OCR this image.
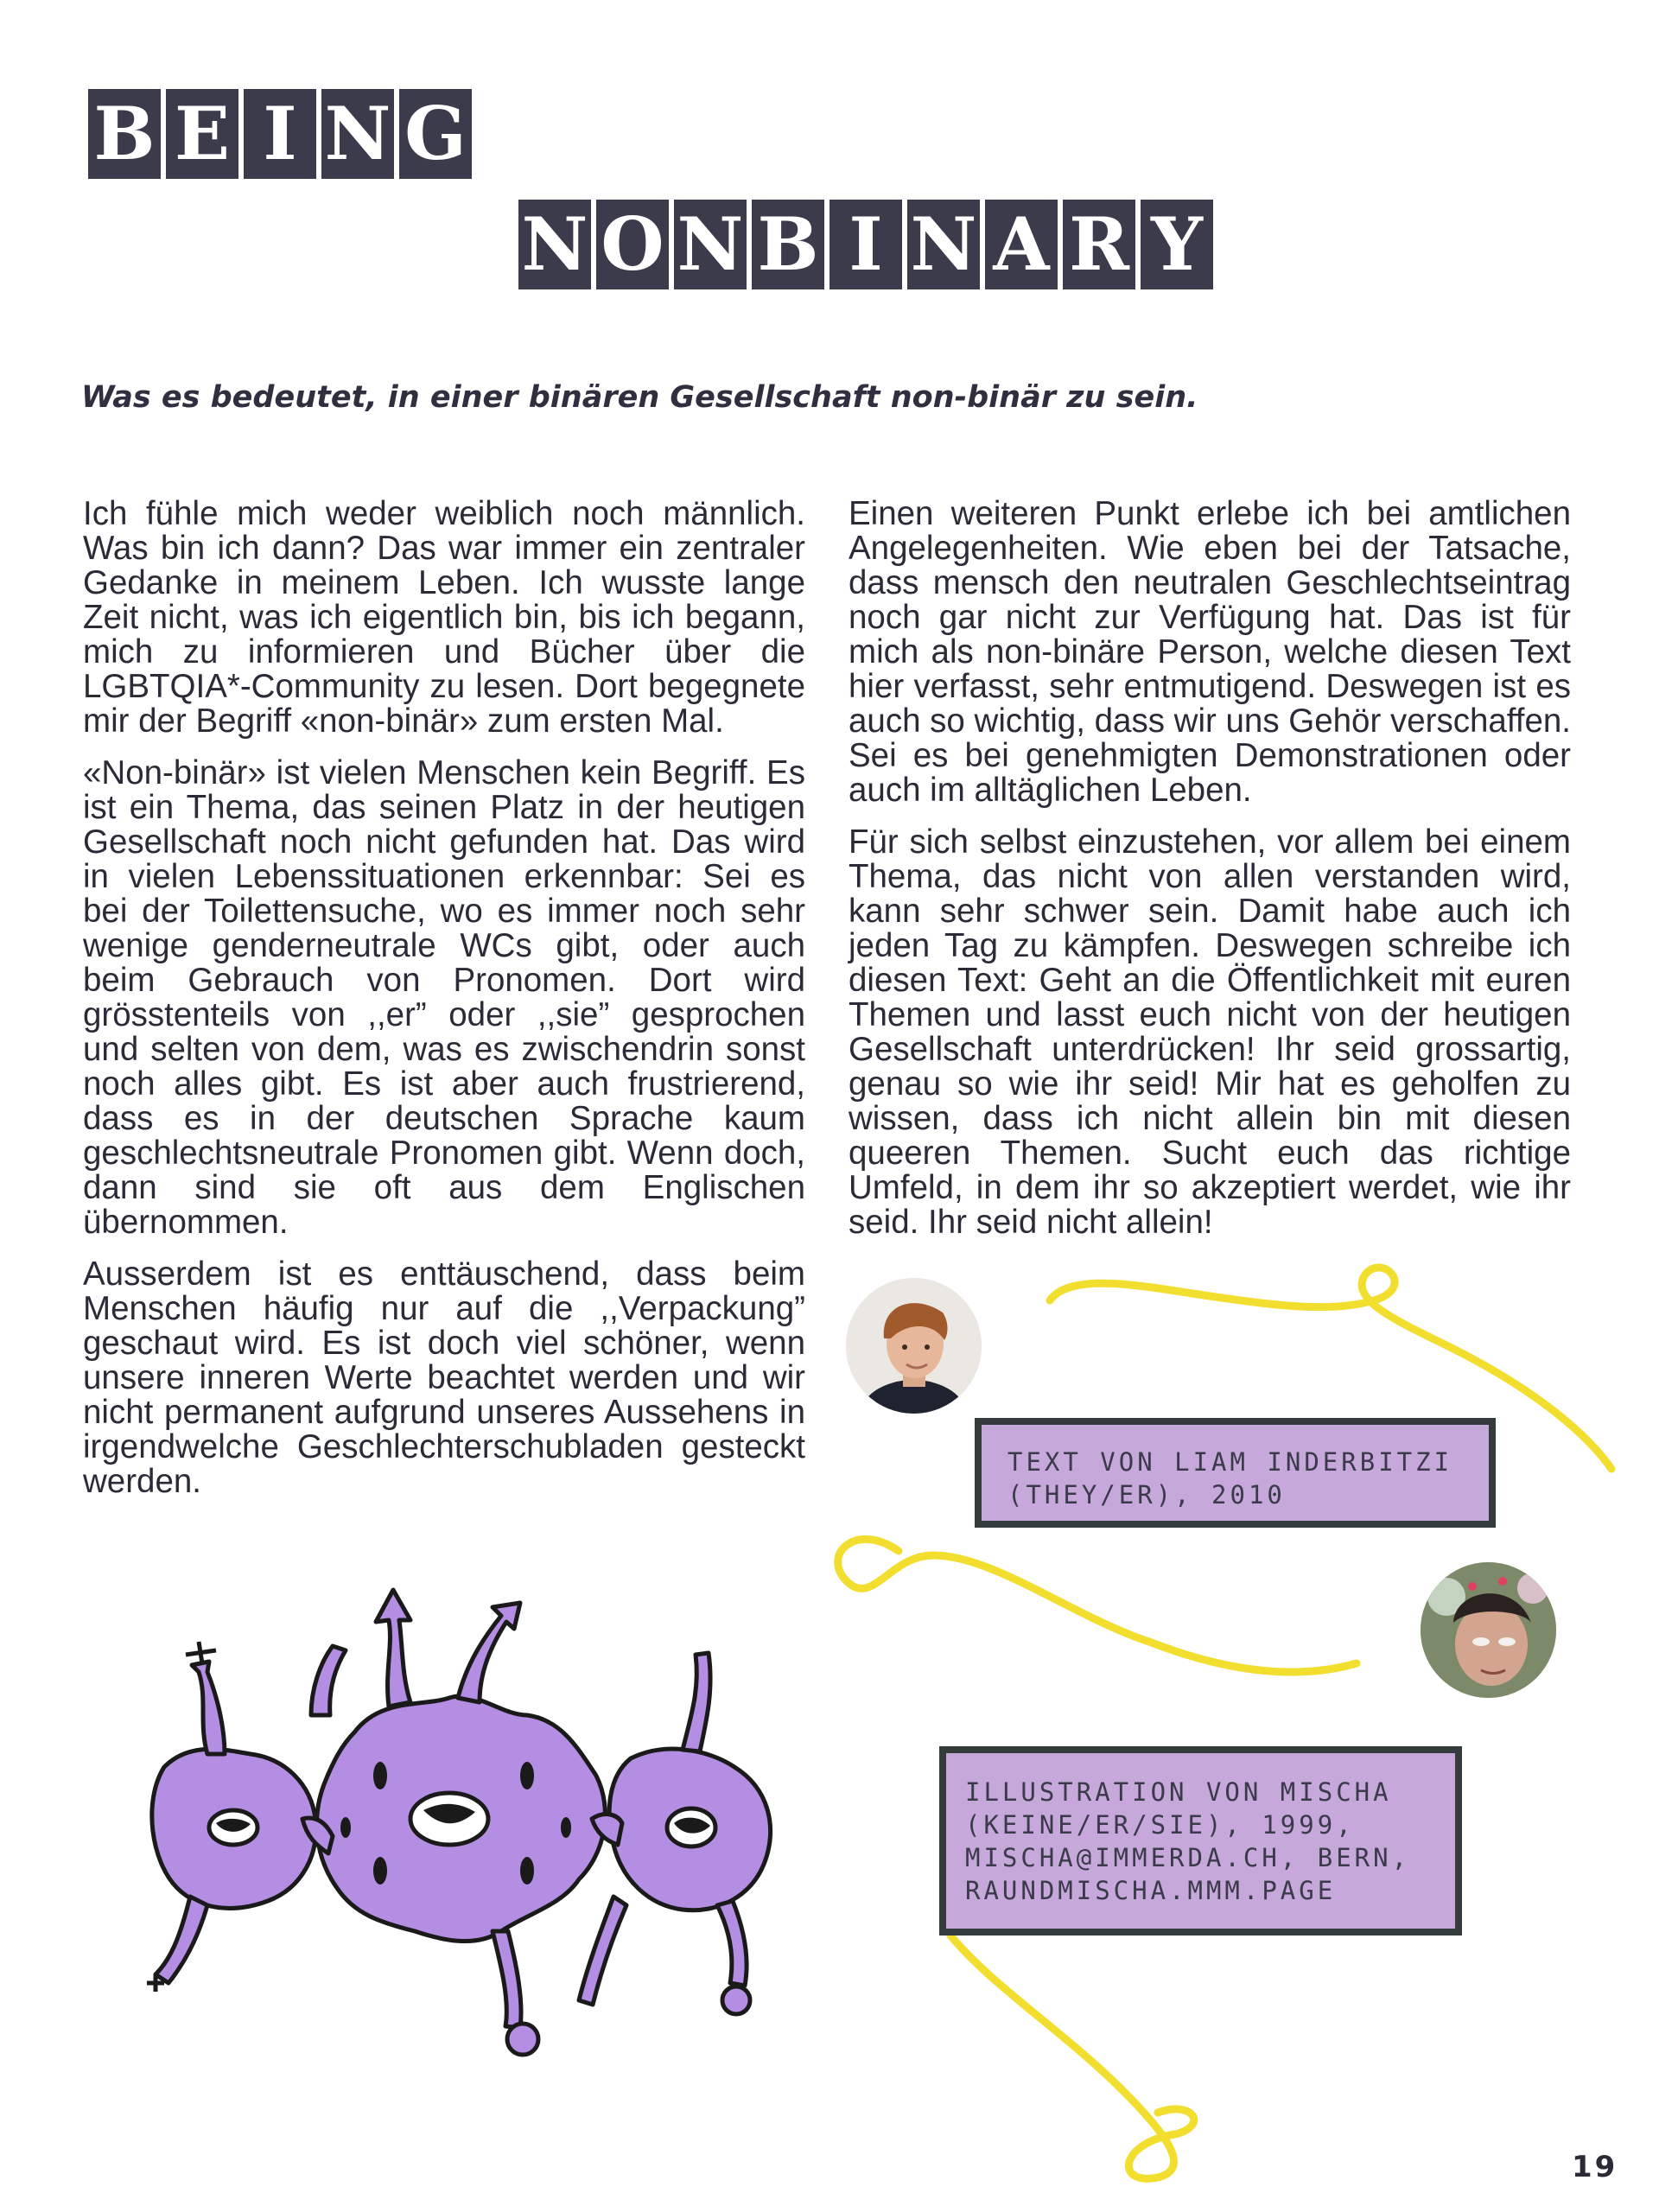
B E I N G
N O N B I N A R Y
Was es bedeutet, in einer binären Gesellschaft non-binär zu sein.

Ich fühle mich weder weiblich noch männlich. Was bin ich dann? Das war immer ein zentraler Gedanke in meinem Leben. Ich wusste lange Zeit nicht, was ich eigentlich bin, bis ich begann, mich zu informieren und Bücher über die LGBTQIA*-Community zu lesen. Dort begegnete mir der Begriff «non-binär» zum ersten Mal.

«Non-binär» ist vielen Menschen kein Begriff. Es ist ein Thema, das seinen Platz in der heutigen Gesellschaft noch nicht gefunden hat. Das wird in vielen Lebenssituationen erkennbar: Sei es bei der Toilettensuche, wo es immer noch sehr wenige genderneutrale WCs gibt, oder auch beim Gebrauch von Pronomen. Dort wird grösstenteils von ,,er” oder ,,sie” gesprochen und selten von dem, was es zwischendrin sonst noch alles gibt. Es ist aber auch frustrierend, dass es in der deutschen Sprache kaum geschlechtsneutrale Pronomen gibt. Wenn doch, dann sind sie oft aus dem Englischen übernommen.

Ausserdem ist es enttäuschend, dass beim Menschen häufig nur auf die ,,Verpackung” geschaut wird. Es ist doch viel schöner, wenn unsere inneren Werte beachtet werden und wir nicht permanent aufgrund unseres Aussehens in irgendwelche Geschlechterschubladen gesteckt werden.

Einen weiteren Punkt erlebe ich bei amtlichen Angelegenheiten. Wie eben bei der Tatsache, dass mensch den neutralen Geschlechtseintrag noch gar nicht zur Verfügung hat. Das ist für mich als non-binäre Person, welche diesen Text hier verfasst, sehr entmutigend. Deswegen ist es auch so wichtig, dass wir uns Gehör verschaffen. Sei es bei genehmigten Demonstrationen oder auch im alltäglichen Leben.

Für sich selbst einzustehen, vor allem bei einem Thema, das nicht von allen verstanden wird, kann sehr schwer sein. Damit habe auch ich jeden Tag zu kämpfen. Deswegen schreibe ich diesen Text: Geht an die Öffentlichkeit mit euren Themen und lasst euch nicht von der heutigen Gesellschaft unterdrücken! Ihr seid grossartig, genau so wie ihr seid! Mir hat es geholfen zu wissen, dass ich nicht allein bin mit diesen queeren Themen. Sucht euch das richtige Umfeld, in dem ihr so akzeptiert werdet, wie ihr seid. Ihr seid nicht allein!

TEXT VON LIAM INDERBITZI
(THEY/ER), 2010
ILLUSTRATION VON MISCHA
(KEINE/ER/SIE), 1999,
MISCHA@IMMERDA.CH, BERN,
RAUNDMISCHA.MMM.PAGE
19
